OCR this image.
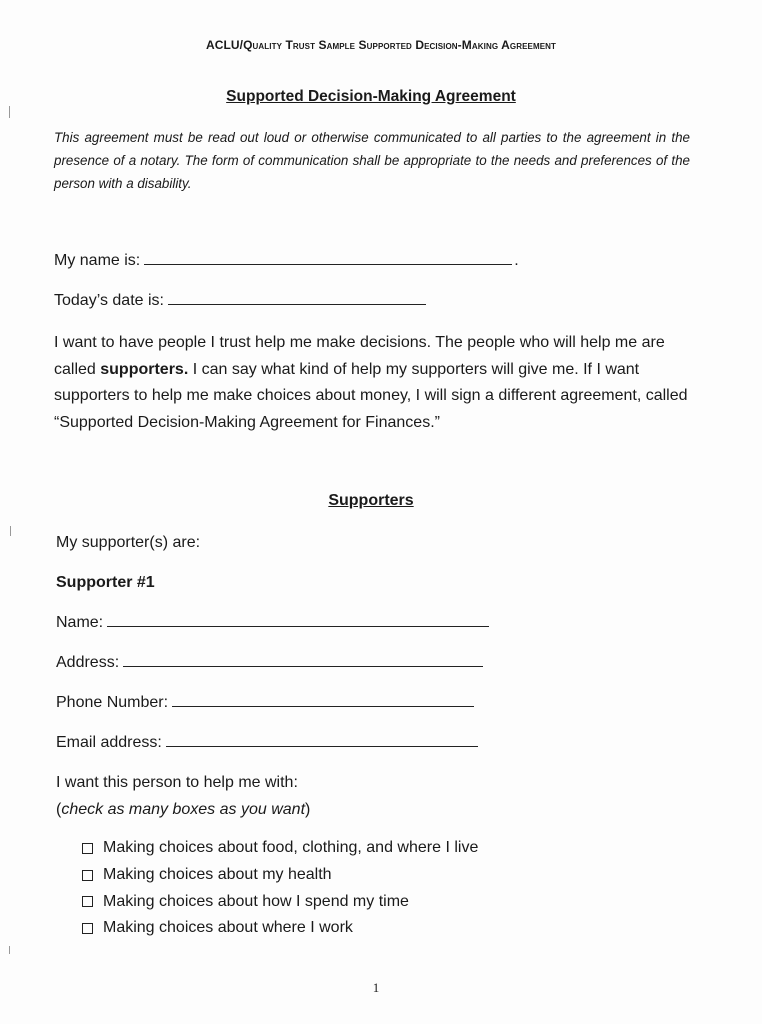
ACLU/Quality Trust Sample Supported Decision-Making Agreement
Supported Decision-Making Agreement
This agreement must be read out loud or otherwise communicated to all parties to the agreement in the presence of a notary. The form of communication shall be appropriate to the needs and preferences of the person with a disability.
My name is:	.
Today’s date is:
I want to have people I trust help me make decisions. The people who will help me are called supporters. I can say what kind of help my supporters will give me. If I want supporters to help me make choices about money, I will sign a different agreement, called “Supported Decision-Making Agreement for Finances.”
Supporters
My supporter(s) are:
Supporter #1
Name:
Address:
Phone Number:
Email address:
I want this person to help me with:
(check as many boxes as you want)
Making choices about food, clothing, and where I live
Making choices about my health
Making choices about how I spend my time
Making choices about where I work
1
